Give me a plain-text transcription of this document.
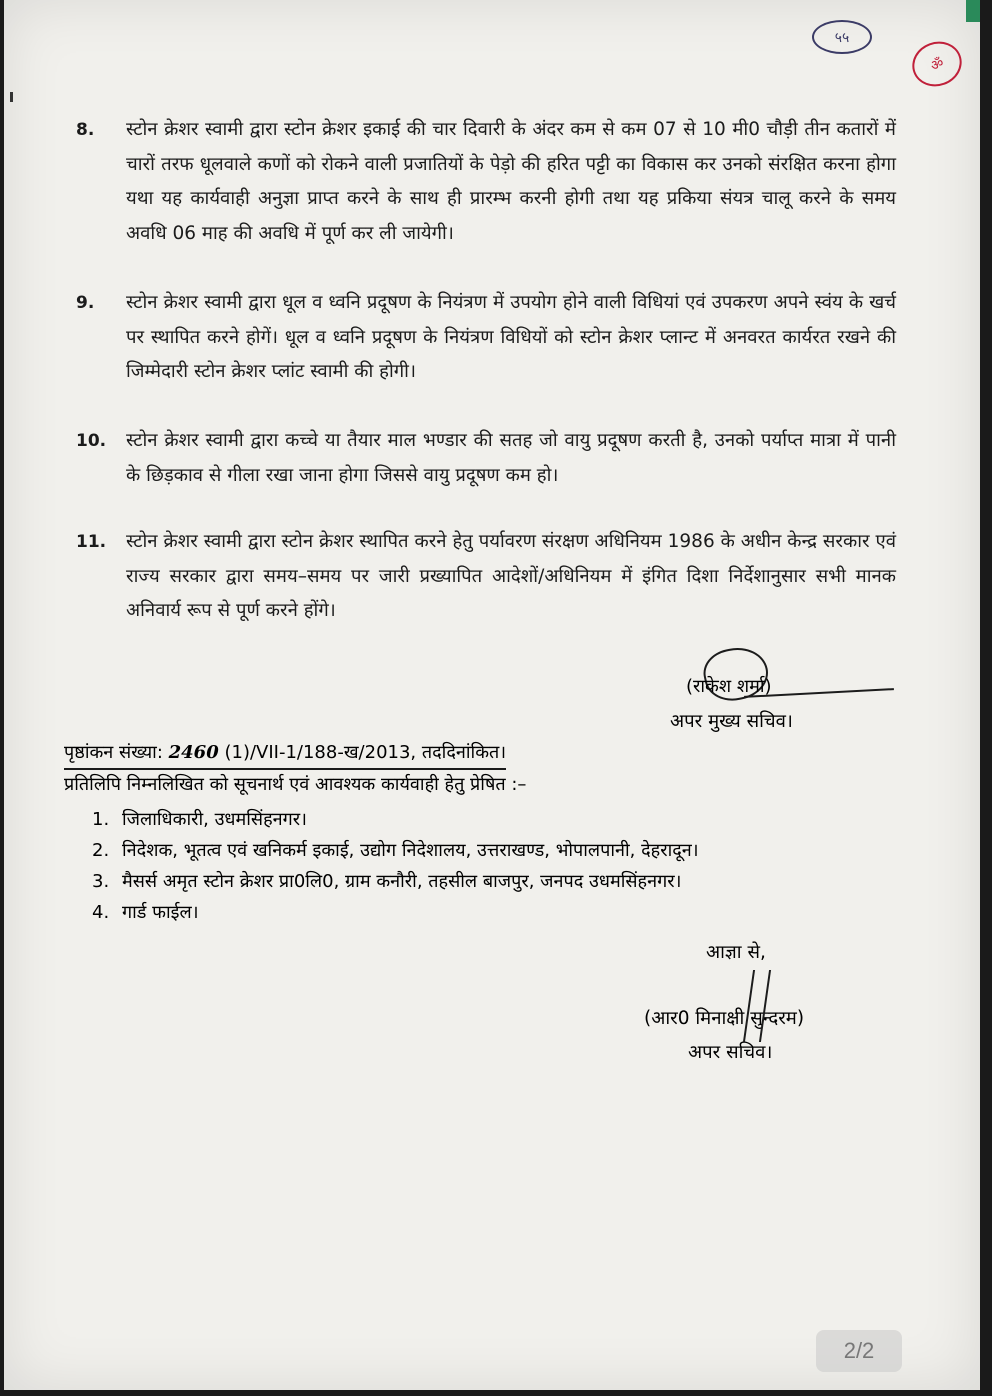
५५
ॐ
8. स्टोन क्रेशर स्वामी द्वारा स्टोन क्रेशर इकाई की चार दिवारी के अंदर कम से कम 07 से 10 मी0 चौड़ी तीन कतारों में चारों तरफ धूलवाले कणों को रोकने वाली प्रजातियों के पेड़ो की हरित पट्टी का विकास कर उनको संरक्षित करना होगा यथा यह कार्यवाही अनुज्ञा प्राप्त करने के साथ ही प्रारम्भ करनी होगी तथा यह प्रकिया संयत्र चालू करने के समय अवधि 06 माह की अवधि में पूर्ण कर ली जायेगी।
9. स्टोन क्रेशर स्वामी द्वारा धूल व ध्वनि प्रदूषण के नियंत्रण में उपयोग होने वाली विधियां एवं उपकरण अपने स्वंय के खर्च पर स्थापित करने होगें। धूल व ध्वनि प्रदूषण के नियंत्रण विधियों को स्टोन क्रेशर प्लान्ट में अनवरत कार्यरत रखने की जिम्मेदारी स्टोन क्रेशर प्लांट स्वामी की होगी।
10. स्टोन क्रेशर स्वामी द्वारा कच्चे या तैयार माल भण्डार की सतह जो वायु प्रदूषण करती है, उनको पर्याप्त मात्रा में पानी के छिड़काव से गीला रखा जाना होगा जिससे वायु प्रदूषण कम हो।
11. स्टोन क्रेशर स्वामी द्वारा स्टोन क्रेशर स्थापित करने हेतु पर्यावरण संरक्षण अधिनियम 1986 के अधीन केन्द्र सरकार एवं राज्य सरकार द्वारा समय–समय पर जारी प्रख्यापित आदेशों/अधिनियम में इंगित दिशा निर्देशानुसार सभी मानक अनिवार्य रूप से पूर्ण करने होंगे।
(राकेश शर्मा)
अपर मुख्य सचिव।
पृष्ठांकन संख्या: 2460 (1)/VII-1/188-ख/2013, तददिनांकित।
प्रतिलिपि निम्नलिखित को सूचनार्थ एवं आवश्यक कार्यवाही हेतु प्रेषित :–
1. जिलाधिकारी, उधमसिंहनगर।
2. निदेशक, भूतत्व एवं खनिकर्म इकाई, उद्योग निदेशालय, उत्तराखण्ड, भोपालपानी, देहरादून।
3. मैसर्स अमृत स्टोन क्रेशर प्रा0लि0, ग्राम कनौरी, तहसील बाजपुर, जनपद उधमसिंहनगर।
4. गार्ड फाईल।
आज्ञा से,
(आर0 मिनाक्षी सुन्दरम)
अपर सचिव।
2/2
